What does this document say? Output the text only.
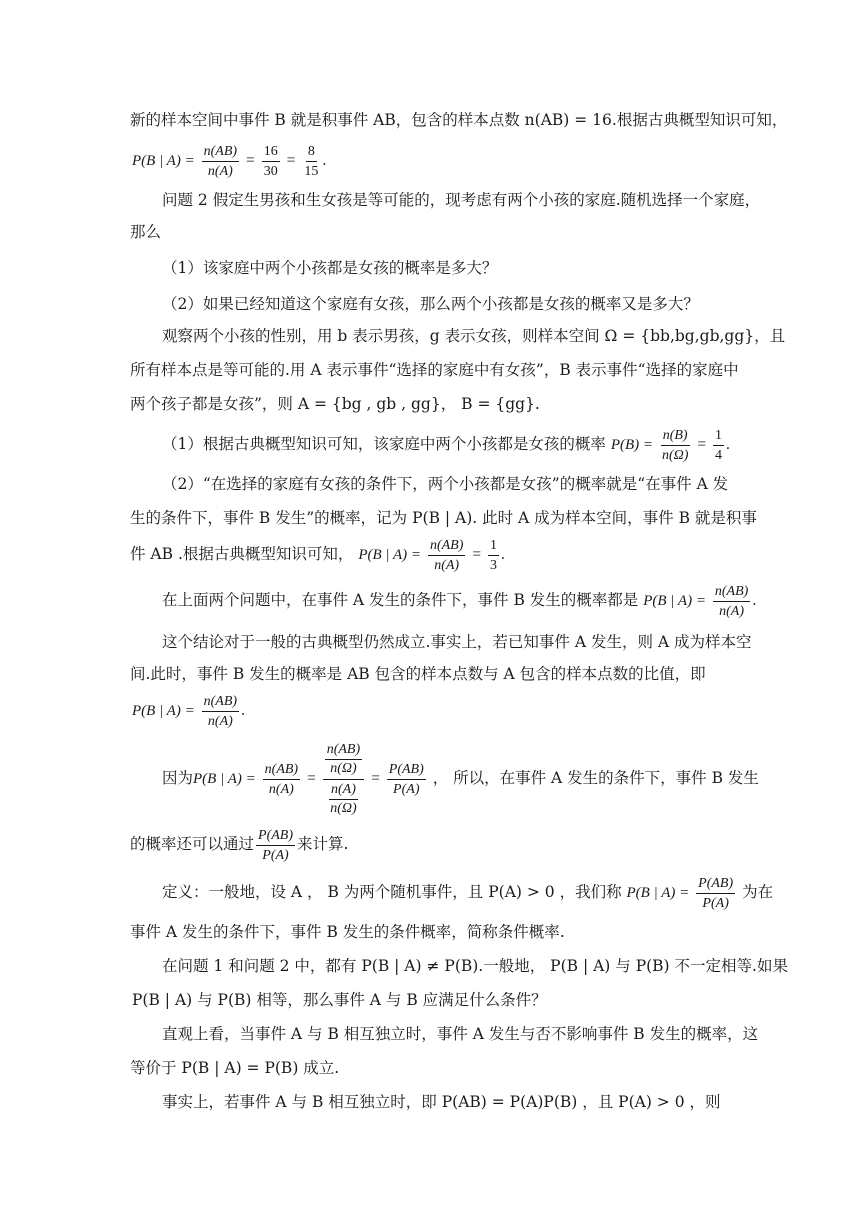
新的样本空间中事件 B 就是积事件 AB，包含的样本点数 n(AB) = 16.根据古典概型知识可知，
P(B | $A) = \frac{n(AB)}{n(A)} = \frac{16}{30} = \frac{8}{15}$ .
问题 2 假定生男孩和生女孩是等可能的，现考虑有两个小孩的家庭.随机选择一个家庭，
那么
（1）该家庭中两个小孩都是女孩的概率是多大？
（2）如果已经知道这个家庭有女孩，那么两个小孩都是女孩的概率又是多大？
观察两个小孩的性别，用 b 表示男孩，g 表示女孩，则样本空间 Ω = {bb,bg,gb,gg}，且
所有样本点是等可能的.用 A 表示事件“选择的家庭中有女孩”，B 表示事件“选择的家庭中
两个孩子都是女孩”，则 A = {bg , gb , gg}， B = {gg}.
（1）根据古典概型知识可知，该家庭中两个小孩都是女孩的概率 $P(B) = \frac{n(B)}{n(\Omega)} = \frac{1}{4}$ .
（2）“在选择的家庭有女孩的条件下，两个小孩都是女孩”的概率就是“在事件 A 发
生的条件下，事件 B 发生”的概率，记为 P(B | A). 此时 A 成为样本空间，事件 B 就是积事
件 AB .根据古典概型知识可知， P(B | $A) = \frac{n(AB)}{n(A)} = \frac{1}{3}$ .
在上面两个问题中，在事件 A 发生的条件下，事件 B 发生的概率都是 P(B | $A) = \frac{n(AB)}{n(A)}$ .
这个结论对于一般的古典概型仍然成立.事实上，若已知事件 A 发生，则 A 成为样本空
间.此时，事件 B 发生的概率是 AB 包含的样本点数与 A 包含的样本点数的比值，即
P(B | $A) = \frac{n(AB)}{n(A)}$ .
因为P(B | $A) = \frac{n(AB)}{n(A)} = n(AB)$
n(Ω)
n(A)
$n(\Omega) = \frac{P(AB)}{P(A)}$ ， 所以，在事件 A 发生的条件下，事件 B 发生
的概率还可以通过 $\frac{P(AB)}{P(A)}$ 来计算.
定义：一般地，设 A ， B 为两个随机事件，且 P(A) > 0 ，我们称 P(B | $A) = \frac{P(AB)}{P(A)}$ 为在
事件 A 发生的条件下，事件 B 发生的条件概率，简称条件概率.
在问题 1 和问题 2 中，都有 P(B | A) ≠ P(B).一般地， P(B | A) 与 P(B) 不一定相等.如果
P(B | A) 与 P(B) 相等，那么事件 A 与 B 应满足什么条件？
直观上看，当事件 A 与 B 相互独立时，事件 A 发生与否不影响事件 B 发生的概率，这
等价于 P(B | A) = P(B) 成立.
事实上，若事件 A 与 B 相互独立时，即 P(AB) = P(A)P(B) ，且 P(A) > 0 ，则
